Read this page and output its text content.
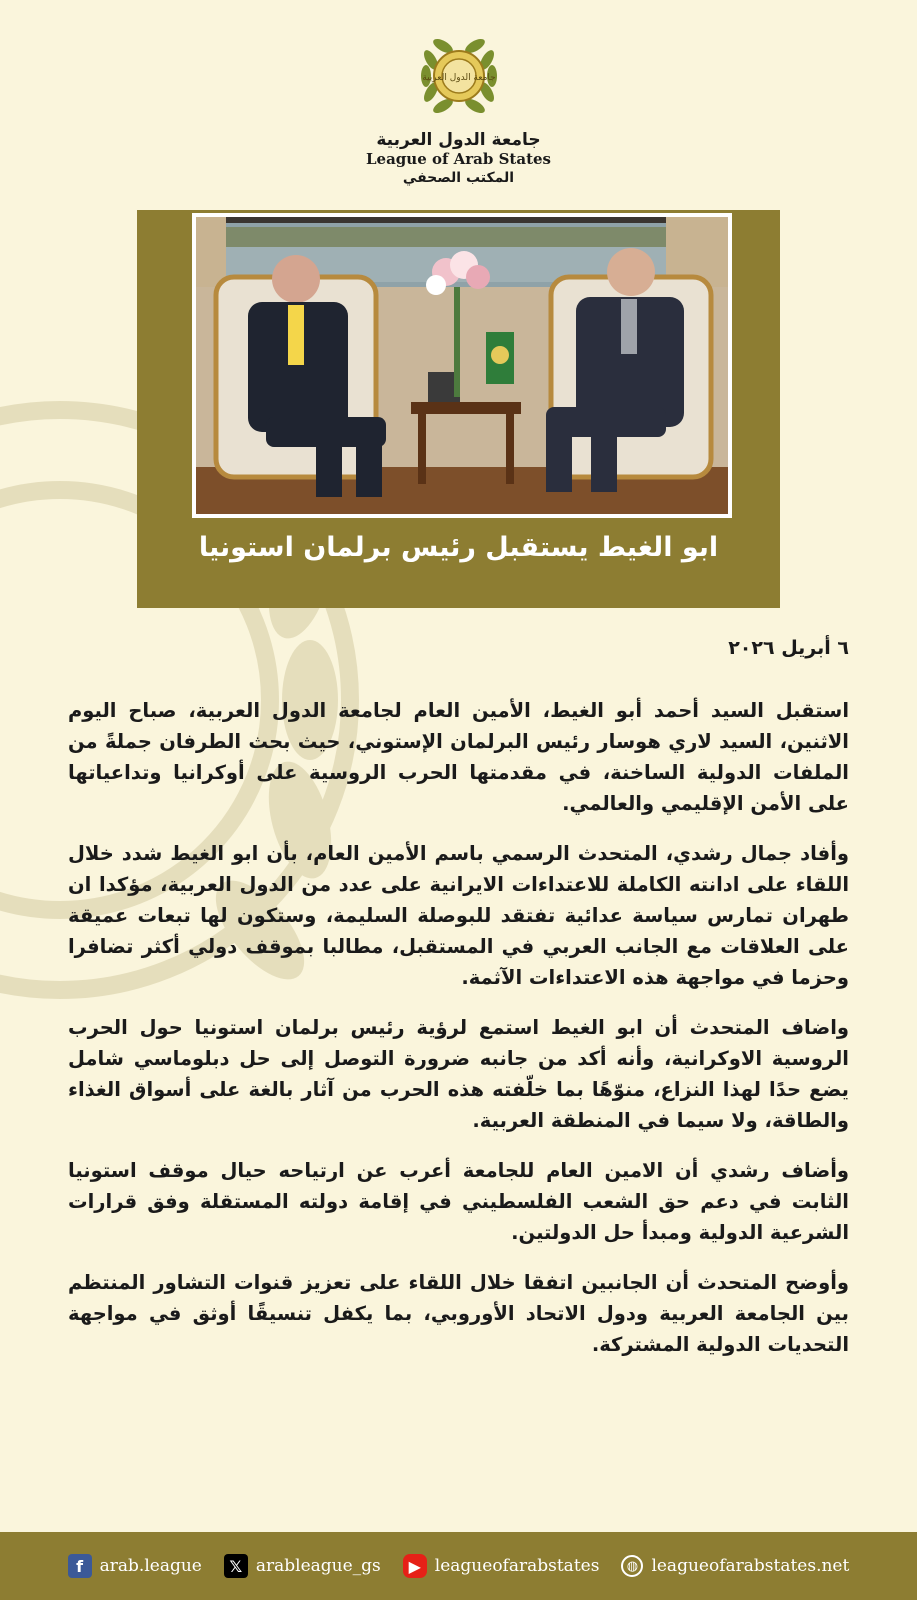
جامعة الدول العربية
جامعة الدول العربية
League of Arab States
المكتب الصحفي
ابو الغيط يستقبل رئيس برلمان استونيا
٦ أبريل ٢٠٢٦

استقبل السيد أحمد أبو الغيط، الأمين العام لجامعة الدول العربية، صباح اليوم الاثنين، السيد لاري هوسار رئيس البرلمان الإستوني، حيث بحث الطرفان جملةً من الملفات الدولية الساخنة، في مقدمتها الحرب الروسية على أوكرانيا وتداعياتها على الأمن الإقليمي والعالمي.

وأفاد جمال رشدي، المتحدث الرسمي باسم الأمين العام، بأن ابو الغيط شدد خلال اللقاء على ادانته الكاملة للاعتداءات الايرانية على عدد من الدول العربية، مؤكدا ان طهران تمارس سياسة عدائية تفتقد للبوصلة السليمة، وستكون لها تبعات عميقة على العلاقات مع الجانب العربي في المستقبل، مطالبا بموقف دولي أكثر تضافرا وحزما في مواجهة هذه الاعتداءات الآثمة.

واضاف المتحدث أن ابو الغيط استمع لرؤية رئيس برلمان استونيا حول الحرب الروسية الاوكرانية، وأنه أكد من جانبه ضرورة التوصل إلى حل دبلوماسي شامل يضع حدًا لهذا النزاع، منوّهًا بما خلّفته هذه الحرب من آثار بالغة على أسواق الغذاء والطاقة، ولا سيما في المنطقة العربية.

وأضاف رشدي أن الامين العام للجامعة أعرب عن ارتياحه حيال موقف استونيا الثابت في دعم حق الشعب الفلسطيني في إقامة دولته المستقلة وفق قرارات الشرعية الدولية ومبدأ حل الدولتين.

وأوضح المتحدث أن الجانبين اتفقا خلال اللقاء على تعزيز قنوات التشاور المنتظم بين الجامعة العربية ودول الاتحاد الأوروبي، بما يكفل تنسيقًا أوثق في مواجهة التحديات الدولية المشتركة.

f arab.league	𝕏 arableague_gs	▶ leagueofarabstates	◍ leagueofarabstates.net
